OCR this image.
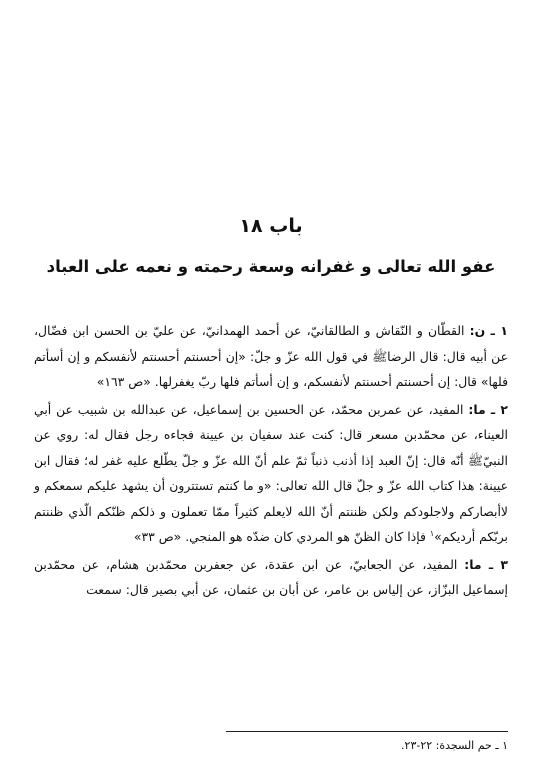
باب ١٨
عفو الله تعالى و غفرانه وسعة رحمته و نعمه على العباد

١ ـ ن: القطّان و النّقاش و الطالقانيّ، عن أحمد الهمدانيّ، عن عليّ بن الحسن ابن فضّال، عن أبيه قال: قال الرضاﷺ في قول الله عزّ و جلّ: «إن أحسنتم أحسنتم لأنفسكم و إن أسأتم فلها» قال: إن أحسنتم أحسنتم لأنفسكم، و إن أسأتم فلها ربّ يغفرلها. «ص ١٦٣»

٢ ـ ما: المفيد، عن عمربن محمّد، عن الحسين بن إسماعيل، عن عبدالله بن شبيب عن أبي العيناء، عن محمّدبن مسعر قال: كنت عند سفيان بن عيينة فجاءه رجل فقال له: روي عن النبيّﷺ أنّه قال: إنّ العبد إذا أذنب ذنباً ثمّ علم أنّ الله عزّ و جلّ يطّلع عليه غفر له؛ فقال ابن عيينة: هذا كتاب الله عزّ و جلّ قال الله تعالى: «و ما كنتم تستترون أن يشهد عليكم سمعكم و لاأبصاركم ولاجلودكم ولكن ظننتم أنّ الله لايعلم كثيراً ممّا تعملون و ذلكم ظنّكم الّذي ظننتم بربّكم أرديكم»$^١$ فإذا كان الظنّ هو المردي كان ضدّه هو المنجي. «ص ٣٣»

٣ ـ ما: المفيد، عن الجعابيّ، عن ابن عقدة، عن جعفربن محمّدبن هشام، عن محمّدبن إسماعيل البزّاز، عن إلياس بن عامر، عن أبان بن عثمان، عن أبي بصير قال: سمعت

١ ـ حم السجدة: ٢٢-٢٣.
